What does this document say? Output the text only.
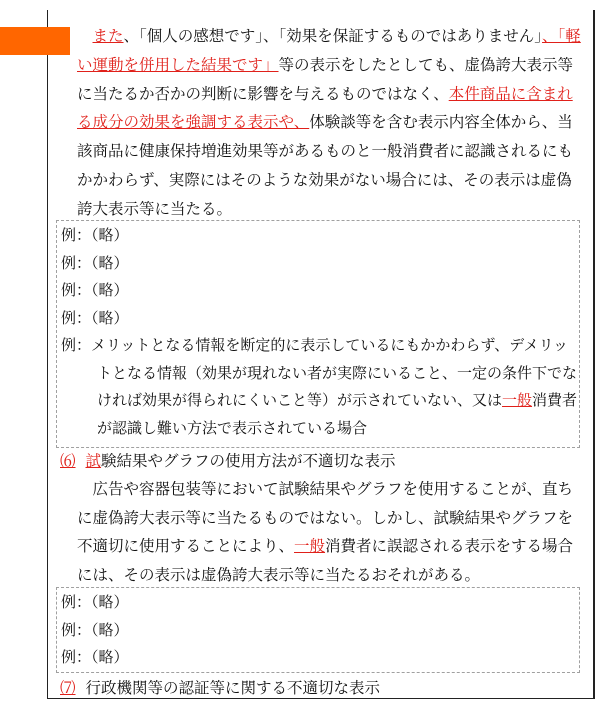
また、「個人の感想です」、「効果を保証するものではありません」、「軽い運動を併用した結果です」等の表示をしたとしても、虚偽誇大表示等に当たるか否かの判断に影響を与えるものではなく、本件商品に含まれる成分の効果を強調する表示や、体験談等を含む表示内容全体から、当該商品に健康保持増進効果等があるものと一般消費者に認識されるにもかかわらず、実際にはそのような効果がない場合には、その表示は虚偽誇大表示等に当たる。

例：（略）

例：（略）

例：（略）

例：（略）

例：メリットとなる情報を断定的に表示しているにもかかわらず、デメリットとなる情報（効果が現れない者が実際にいること、一定の条件下でなければ効果が得られにくいこと等）が示されていない、又は一般消費者が認識し難い方法で表示されている場合

⑹ 試験結果やグラフの使用方法が不適切な表示

広告や容器包装等において試験結果やグラフを使用することが、直ちに虚偽誇大表示等に当たるものではない。しかし、試験結果やグラフを不適切に使用することにより、一般消費者に誤認される表示をする場合には、その表示は虚偽誇大表示等に当たるおそれがある。

例：（略）

例：（略）

例：（略）

⑺ 行政機関等の認証等に関する不適切な表示
